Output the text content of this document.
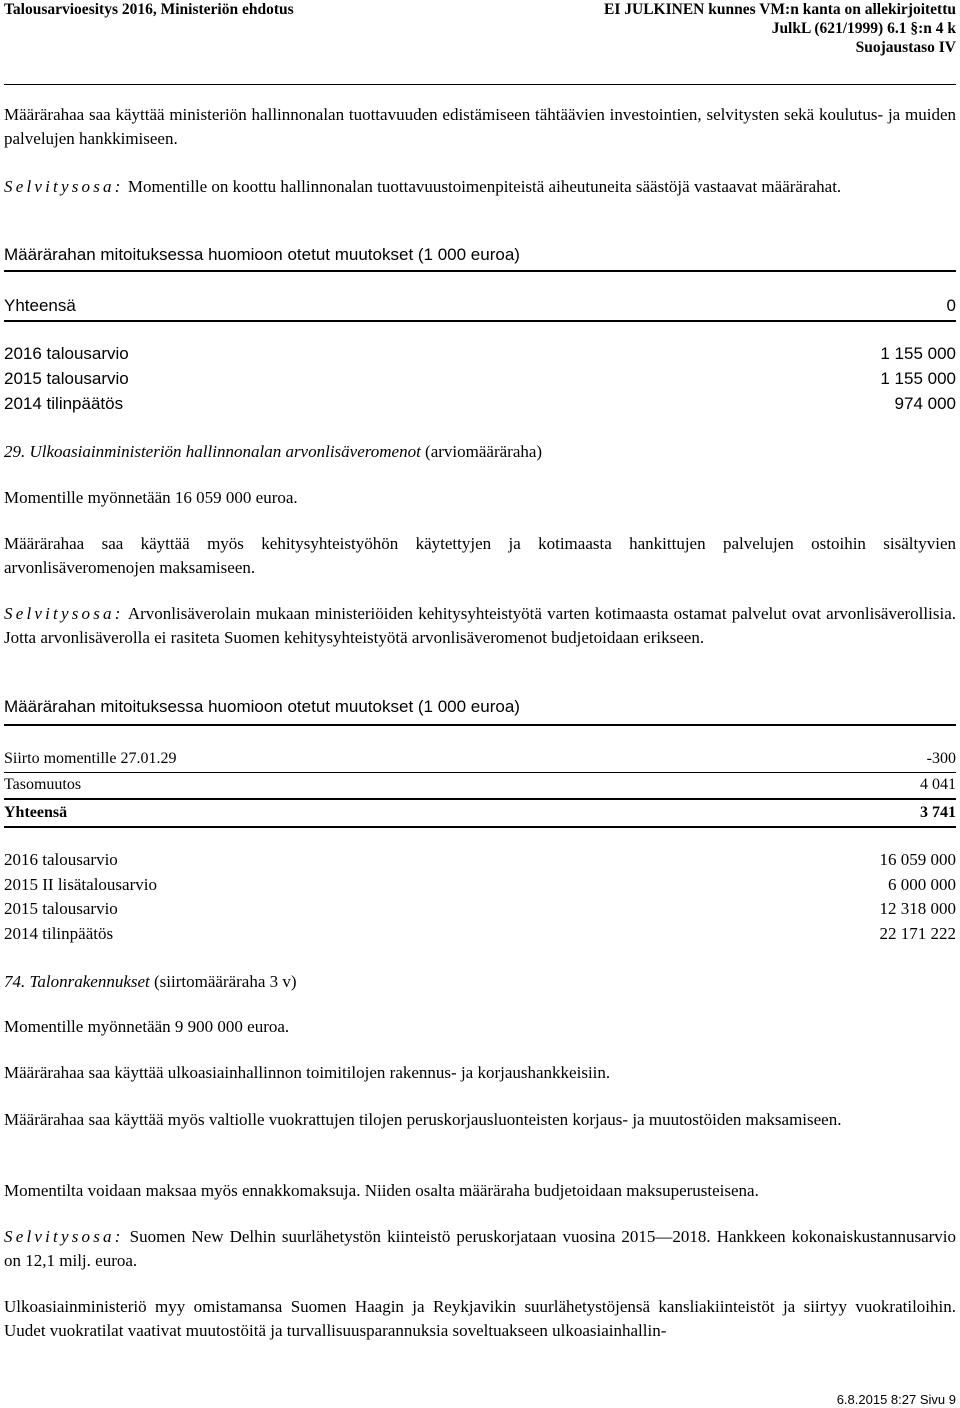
Talousarvioesitys 2016, Ministeriön ehdotus	EI JULKINEN kunnes VM:n kanta on allekirjoitettu
JulkL (621/1999) 6.1 §:n 4 k
Suojaustaso IV
Määrärahaa saa käyttää ministeriön hallinnonalan tuottavuuden edistämiseen tähtäävien investointien, selvitysten sekä koulutus- ja muiden palvelujen hankkimiseen.
Selvitysosa: Momentille on koottu hallinnonalan tuottavuustoimenpiteistä aiheutuneita säästöjä vastaavat määrärahat.
Määrärahan mitoituksessa huomioon otetut muutokset (1 000 euroa)
Yhteensä	0
2016 talousarvio	1 155 000
2015 talousarvio	1 155 000
2014 tilinpäätös	974 000
29. Ulkoasiainministeriön hallinnonalan arvonlisäveromenot (arviomääräraha)
Momentille myönnetään 16 059 000 euroa.
Määrärahaa saa käyttää myös kehitysyhteistyöhön käytettyjen ja kotimaasta hankittujen palvelujen ostoihin sisältyvien arvonlisäveromenojen maksamiseen.
Selvitysosa: Arvonlisäverolain mukaan ministeriöiden kehitysyhteistyötä varten kotimaasta ostamat palvelut ovat arvonlisäverollisia. Jotta arvonlisäverolla ei rasiteta Suomen kehitysyhteistyötä arvonlisäveromenot budjetoidaan erikseen.
Määrärahan mitoituksessa huomioon otetut muutokset (1 000 euroa)
Siirto momentille 27.01.29	-300
Tasomuutos	4 041
Yhteensä	3 741
2016 talousarvio	16 059 000
2015 II lisätalousarvio	6 000 000
2015 talousarvio	12 318 000
2014 tilinpäätös	22 171 222
74. Talonrakennukset (siirtomääräraha 3 v)
Momentille myönnetään 9 900 000 euroa.
Määrärahaa saa käyttää ulkoasiainhallinnon toimitilojen rakennus- ja korjaushankkeisiin.
Määrärahaa saa käyttää myös valtiolle vuokrattujen tilojen peruskorjausluonteisten korjaus- ja muutostöiden maksamiseen.
Momentilta voidaan maksaa myös ennakkomaksuja. Niiden osalta määräraha budjetoidaan maksuperusteisena.
Selvitysosa: Suomen New Delhin suurlähetystön kiinteistö peruskorjataan vuosina 2015—2018. Hankkeen kokonaiskustannusarvio on 12,1 milj. euroa.
Ulkoasiainministeriö myy omistamansa Suomen Haagin ja Reykjavikin suurlähetystöjensä kansliakiinteistöt ja siirtyy vuokratiloihin. Uudet vuokratilat vaativat muutostöitä ja turvallisuusparannuksia soveltuakseen ulkoasiainhallin-
6.8.2015 8:27 Sivu 9
